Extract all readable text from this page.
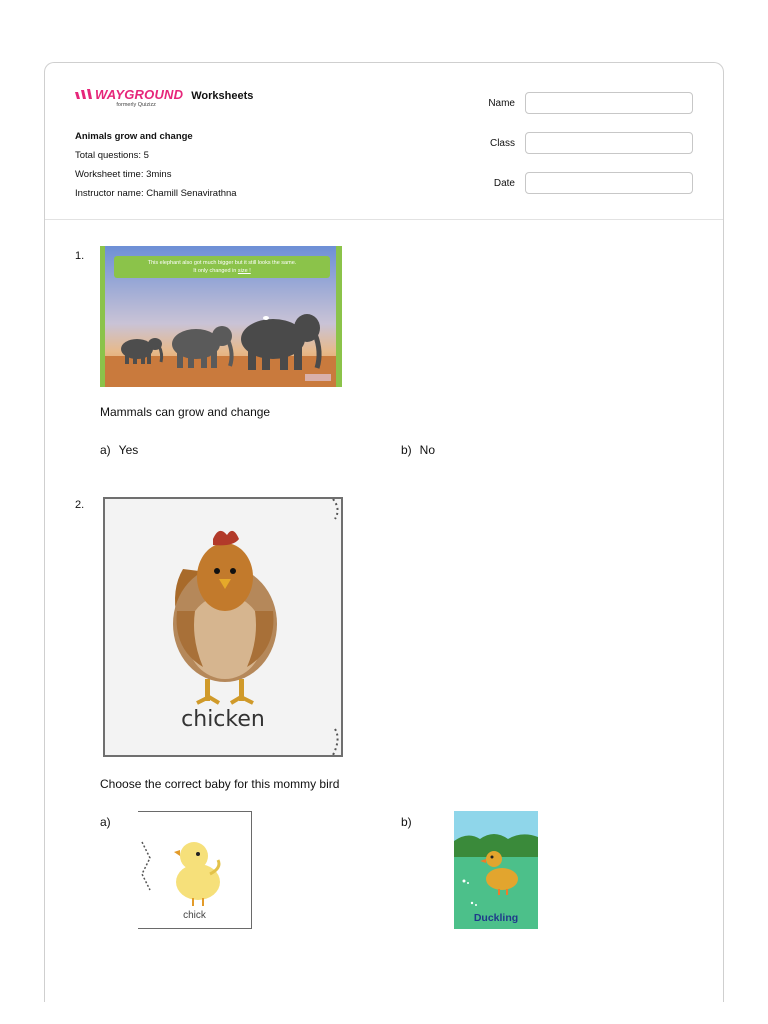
WAYGROUND
formerly Quizizz
Worksheets
Animals grow and change
Total questions: 5
Worksheet time: 3mins
Instructor name: Chamill Senavirathna
Name
Class
Date
1.
This elephant also got much bigger but it still looks the same.
It only changed in size !
Mammals can grow and change
a) Yes	b) No
2.
chicken
Choose the correct baby for this mommy bird
a)
chick
b)
Duckling
